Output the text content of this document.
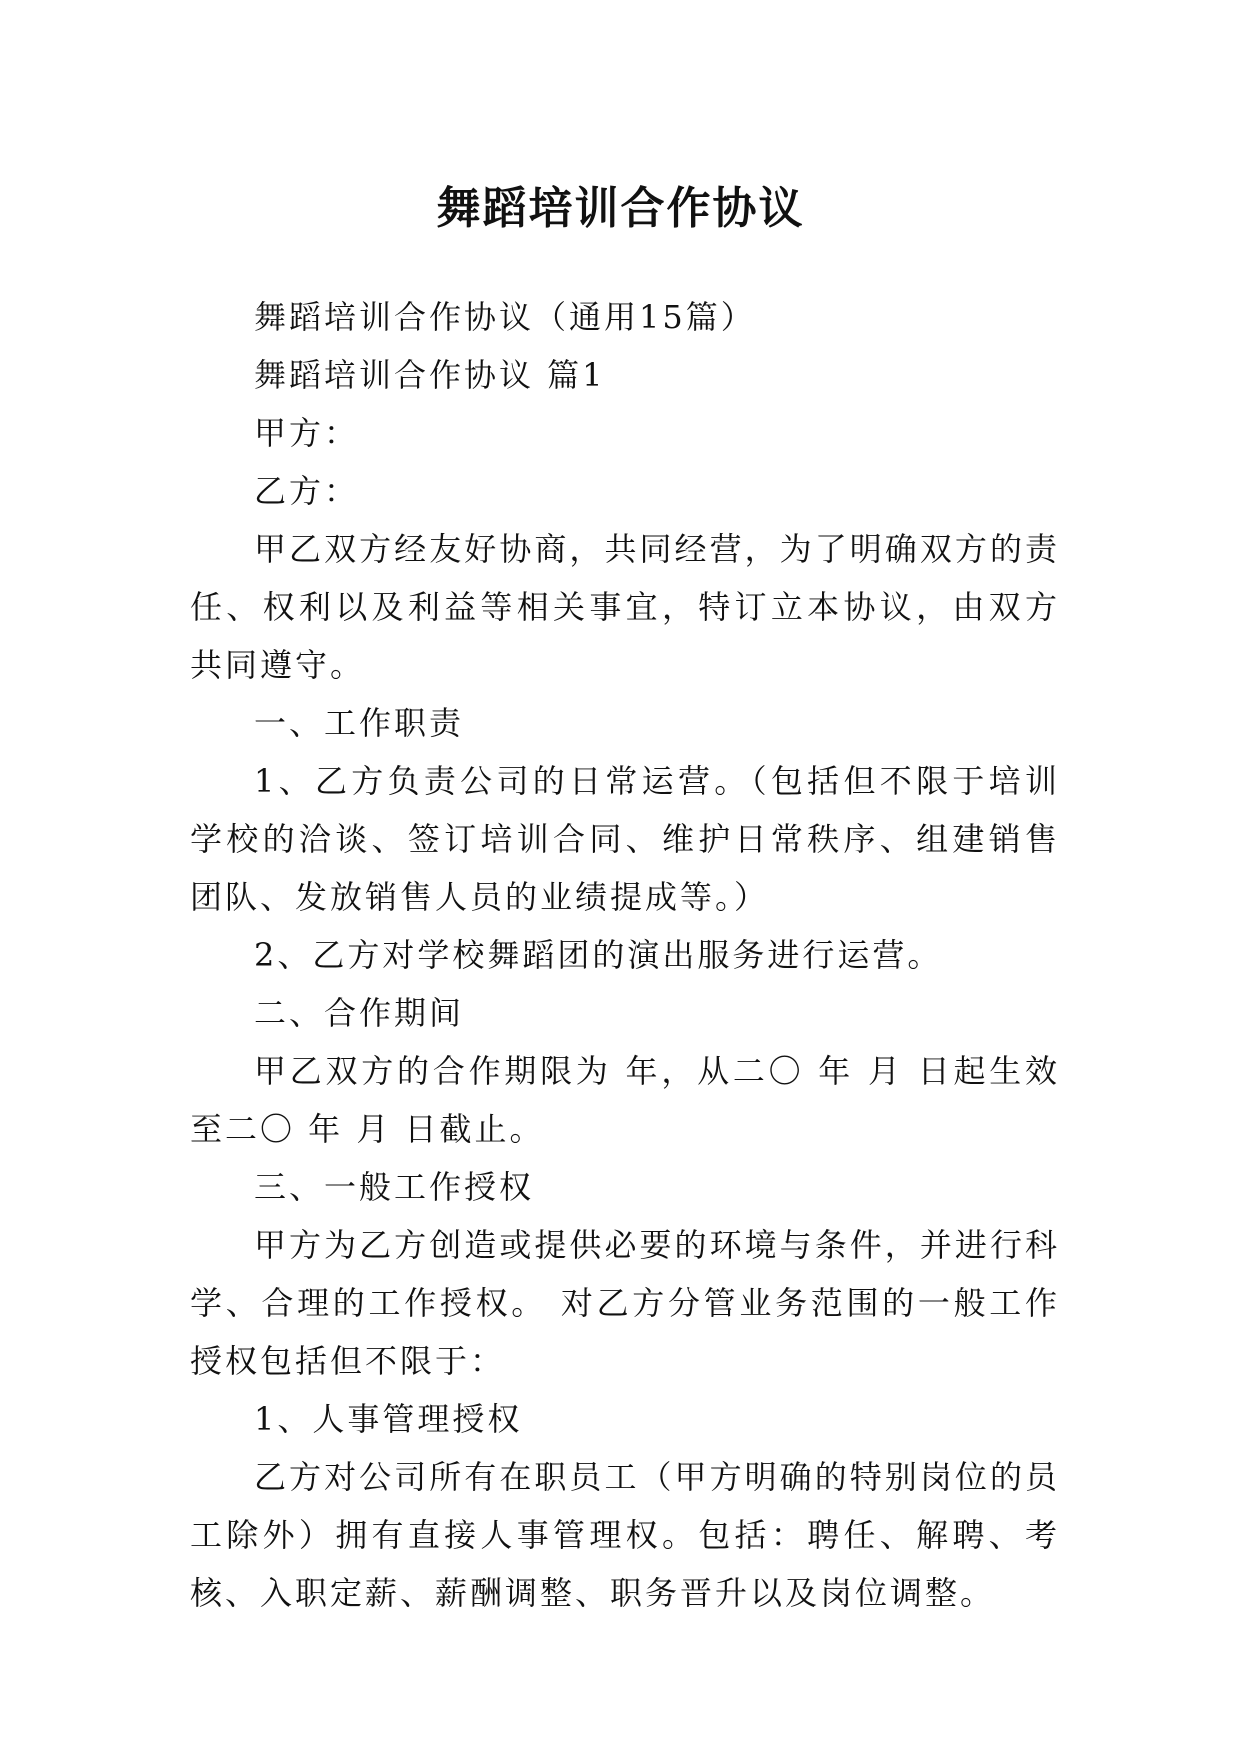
舞蹈培训合作协议

舞蹈培训合作协议（通用15篇）

舞蹈培训合作协议 篇1

甲方：

乙方：

甲乙双方经友好协商，共同经营，为了明确双方的责任、权利以及利益等相关事宜，特订立本协议，由双方共同遵守。

一、工作职责

1、乙方负责公司的日常运营。（包括但不限于培训学校的洽谈、签订培训合同、维护日常秩序、组建销售团队、发放销售人员的业绩提成等。）

2、乙方对学校舞蹈团的演出服务进行运营。

二、合作期间

甲乙双方的合作期限为 年，从二〇 年 月 日起生效至二〇 年 月 日截止。

三、一般工作授权

甲方为乙方创造或提供必要的环境与条件，并进行科学、合理的工作授权。 对乙方分管业务范围的一般工作授权包括但不限于：

1、人事管理授权

乙方对公司所有在职员工（甲方明确的特别岗位的员工除外）拥有直接人事管理权。包括：聘任、解聘、考核、入职定薪、薪酬调整、职务晋升以及岗位调整。
